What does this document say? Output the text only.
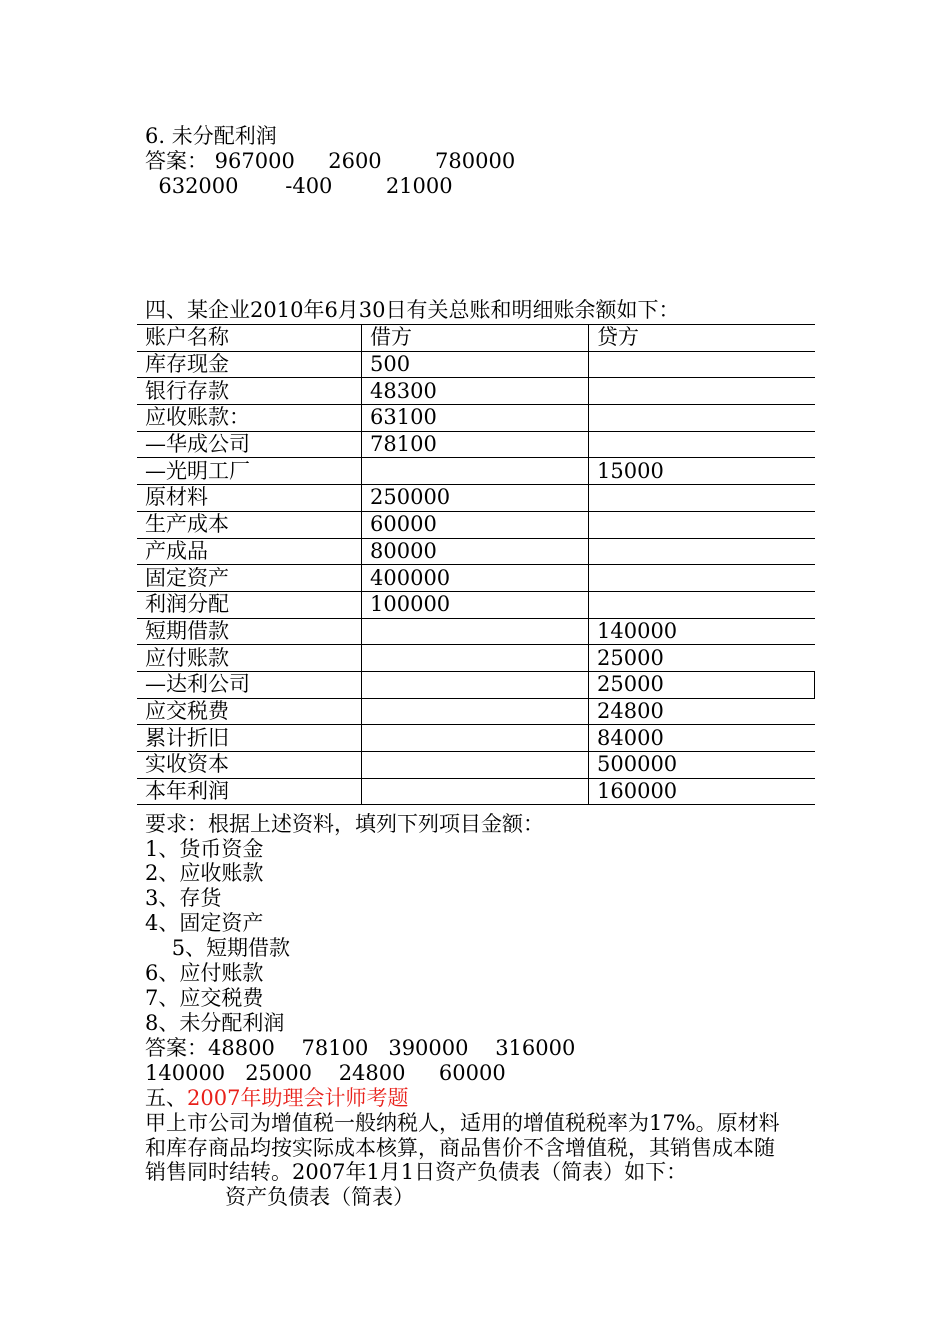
6. 未分配利润
答案： 967000     2600        780000
632000       -400        21000
四、某企业2010年6月30日有关总账和明细账余额如下：
账户名称	借方	贷方
库存现金	500	
银行存款	48300	
应收账款：	63100	
—华成公司	78100	
—光明工厂		15000
原材料	250000	
生产成本	60000	
产成品	80000	
固定资产	400000	
利润分配	100000	
短期借款		140000
应付账款		25000
—达利公司		25000
应交税费		24800
累计折旧		84000
实收资本		500000
本年利润		160000
要求：根据上述资料，填列下列项目金额：
1、货币资金
2、应收账款
3、存货
4、固定资产
5、短期借款
6、应付账款
7、应交税费
8、未分配利润
答案：48800    78100   390000    316000
140000   25000    24800     60000
五、2007年助理会计师考题
甲上市公司为增值税一般纳税人，适用的增值税税率为17%。原材料
和库存商品均按实际成本核算，商品售价不含增值税，其销售成本随
销售同时结转。2007年1月1日资产负债表（简表）如下：
资产负债表（简表）
